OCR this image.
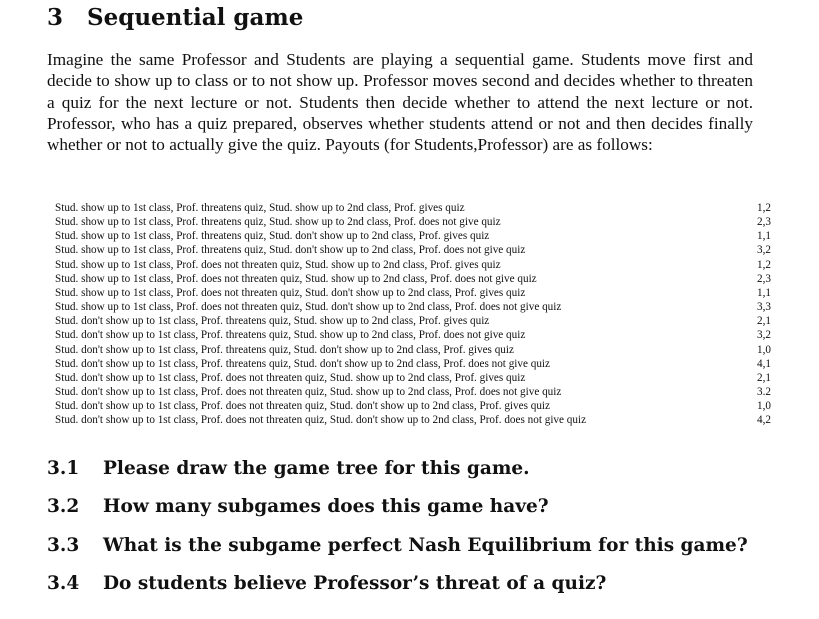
3 Sequential game
Imagine the same Professor and Students are playing a sequential game. Students move first and decide to show up to class or to not show up. Professor moves second and decides whether to threaten a quiz for the next lecture or not. Students then decide whether to attend the next lecture or not. Professor, who has a quiz prepared, observes whether students attend or not and then decides finally whether or not to actually give the quiz. Payouts (for Students,Professor) are as follows:
Stud. show up to 1st class, Prof. threatens quiz, Stud. show up to 2nd class, Prof. gives quiz	1,2
Stud. show up to 1st class, Prof. threatens quiz, Stud. show up to 2nd class, Prof. does not give quiz	2,3
Stud. show up to 1st class, Prof. threatens quiz, Stud. don't show up to 2nd class, Prof. gives quiz	1,1
Stud. show up to 1st class, Prof. threatens quiz, Stud. don't show up to 2nd class, Prof. does not give quiz	3,2
Stud. show up to 1st class, Prof. does not threaten quiz, Stud. show up to 2nd class, Prof. gives quiz	1,2
Stud. show up to 1st class, Prof. does not threaten quiz, Stud. show up to 2nd class, Prof. does not give quiz	2,3
Stud. show up to 1st class, Prof. does not threaten quiz, Stud. don't show up to 2nd class, Prof. gives quiz	1,1
Stud. show up to 1st class, Prof. does not threaten quiz, Stud. don't show up to 2nd class, Prof. does not give quiz	3,3
Stud. don't show up to 1st class, Prof. threatens quiz, Stud. show up to 2nd class, Prof. gives quiz	2,1
Stud. don't show up to 1st class, Prof. threatens quiz, Stud. show up to 2nd class, Prof. does not give quiz	3,2
Stud. don't show up to 1st class, Prof. threatens quiz, Stud. don't show up to 2nd class, Prof. gives quiz	1,0
Stud. don't show up to 1st class, Prof. threatens quiz, Stud. don't show up to 2nd class, Prof. does not give quiz	4,1
Stud. don't show up to 1st class, Prof. does not threaten quiz, Stud. show up to 2nd class, Prof. gives quiz	2,1
Stud. don't show up to 1st class, Prof. does not threaten quiz, Stud. show up to 2nd class, Prof. does not give quiz	3.2
Stud. don't show up to 1st class, Prof. does not threaten quiz, Stud. don't show up to 2nd class, Prof. gives quiz	1,0
Stud. don't show up to 1st class, Prof. does not threaten quiz, Stud. don't show up to 2nd class, Prof. does not give quiz	4,2
3.1 Please draw the game tree for this game.
3.2 How many subgames does this game have?
3.3 What is the subgame perfect Nash Equilibrium for this game?
3.4 Do students believe Professor’s threat of a quiz?
